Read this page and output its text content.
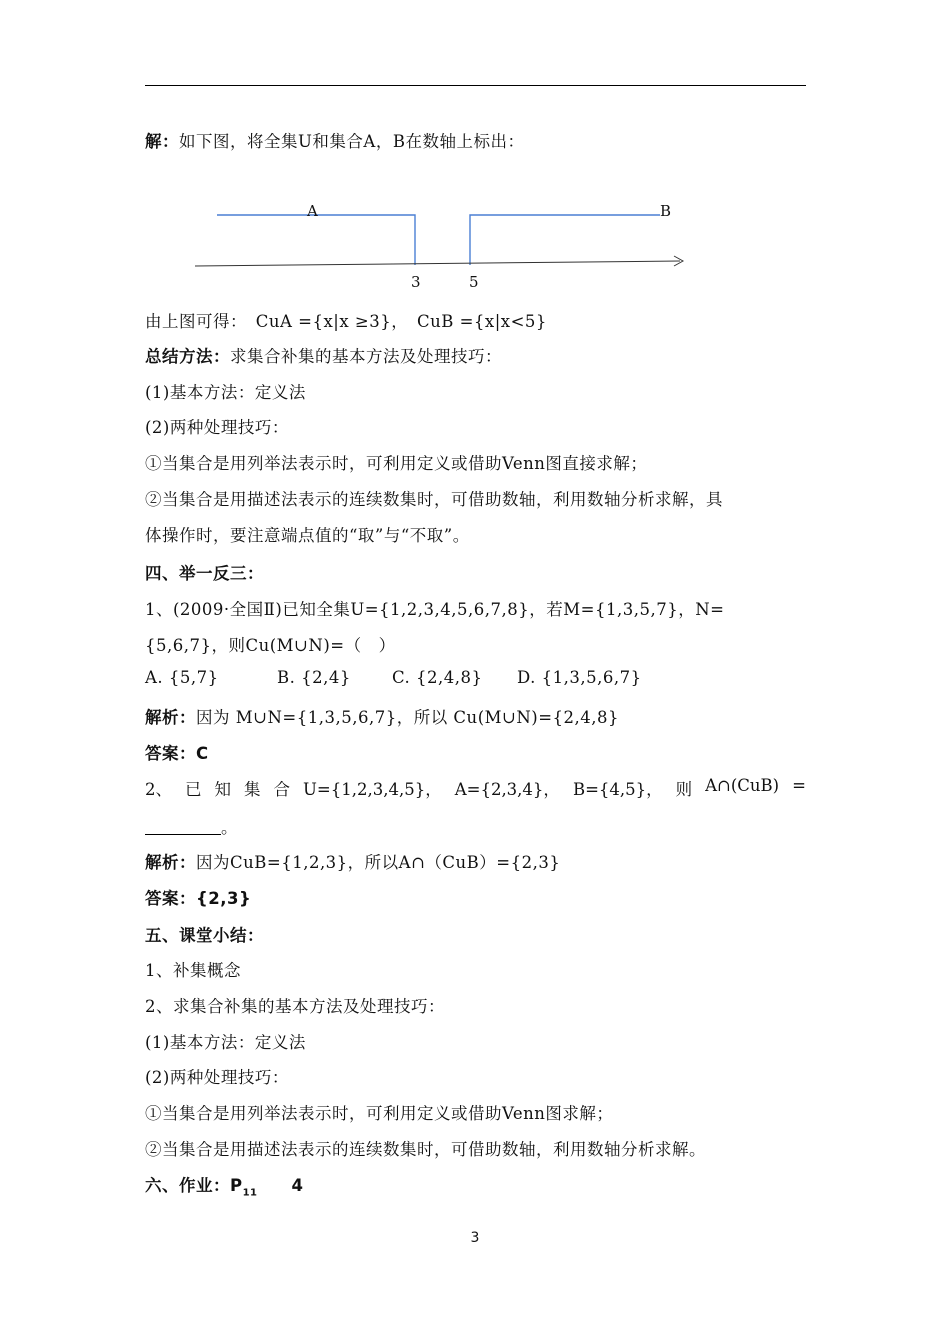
解：如下图，将全集U和集合A，B在数轴上标出：
A	B
3	5
由上图可得：　CuA ={x|x ≥3}，　CuB ={x|x<5}
总结方法：求集合补集的基本方法及处理技巧：
(1)基本方法：定义法
(2)两种处理技巧：
①当集合是用列举法表示时，可利用定义或借助Venn图直接求解；
②当集合是用描述法表示的连续数集时，可借助数轴，利用数轴分析求解，具
体操作时，要注意端点值的“取”与“不取”。
四、举一反三：
1、(2009·全国Ⅱ)已知全集U={1,2,3,4,5,6,7,8}，若M={1,3,5,7}，N=
{5,6,7}，则Cu(M∪N)=（　）
A. {5,7}	B. {2,4} C. {2,4,8} D. {1,3,5,6,7}
解析：因为 M∪N={1,3,5,6,7}，所以 Cu(M∪N)={2,4,8}
答案：C
2、 已 知 集 合 U={1,2,3,4,5}， A={2,3,4}， B={4,5}， 则 A∩(CuB) =
。
解析：因为CuB={1,2,3}，所以A∩（CuB）={2,3}
答案：{2,3}
五、课堂小结：
1、补集概念
2、求集合补集的基本方法及处理技巧：
(1)基本方法：定义法
(2)两种处理技巧：
①当集合是用列举法表示时，可利用定义或借助Venn图求解；
②当集合是用描述法表示的连续数集时，可借助数轴，利用数轴分析求解。
六、作业：$P_{11}$ 4
3
